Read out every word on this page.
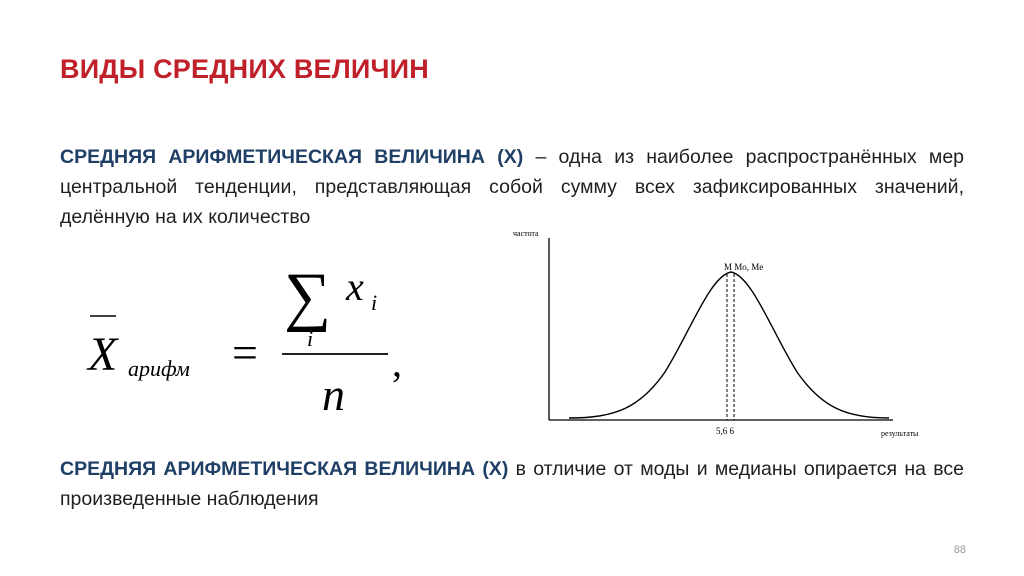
ВИДЫ СРЕДНИХ ВЕЛИЧИН
СРЕДНЯЯ АРИФМЕТИЧЕСКАЯ ВЕЛИЧИНА (Х) – одна из наиболее распространённых мер центральной тенденции, представляющая собой сумму всех зафиксированных значений, делённую на их количество
X арифм =
∑
i
x i
n
,
частота
результаты
M Mo, Me
5,6 6
СРЕДНЯЯ АРИФМЕТИЧЕСКАЯ ВЕЛИЧИНА (Х) в отличие от моды и медианы опирается на все произведенные наблюдения
88
